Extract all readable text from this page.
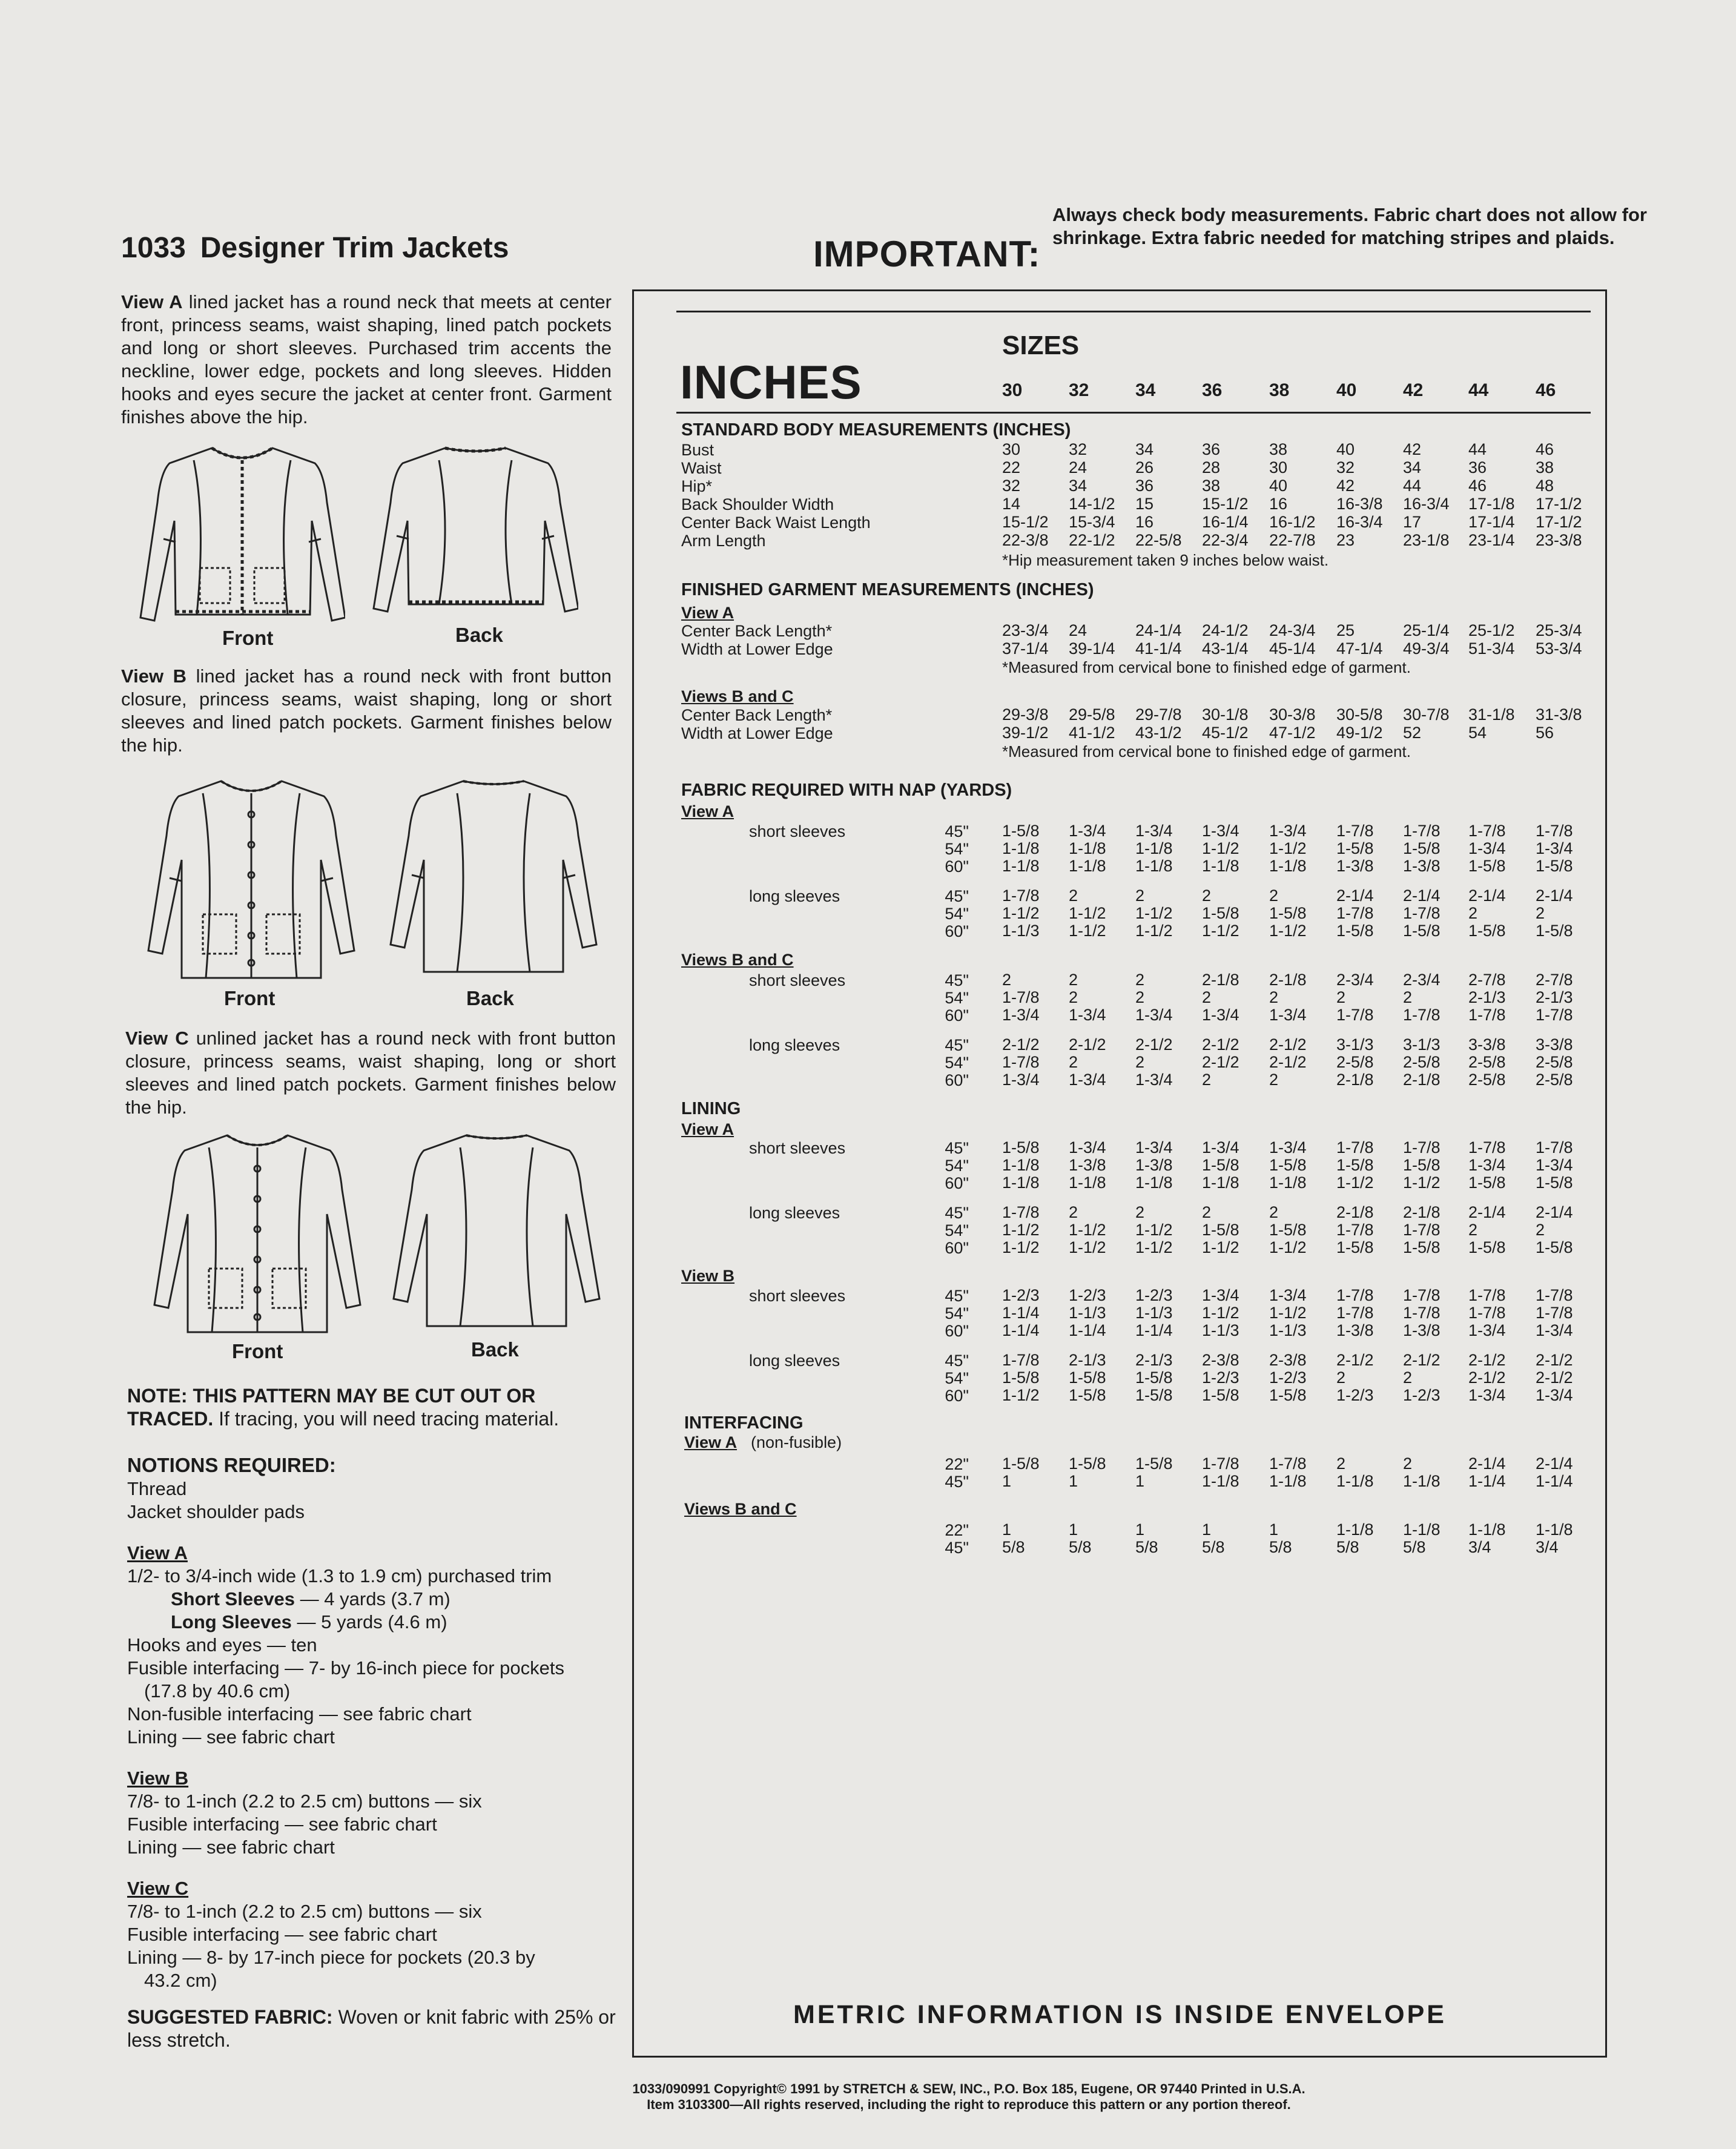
1033 Designer Trim Jackets	IMPORTANT:
Always check body measurements. Fabric chart does not allow for shrinkage. Extra fabric needed for matching stripes and plaids.
View A lined jacket has a round neck that meets at center front, princess seams, waist shaping, lined patch pockets and long or short sleeves. Purchased trim accents the neckline, lower edge, pockets and long sleeves. Hidden hooks and eyes secure the jacket at center front. Garment finishes above the hip.
Front	Back
View B lined jacket has a round neck with front button closure, princess seams, waist shaping, long or short sleeves and lined patch pockets. Garment finishes below the hip.
Front	Back
View C unlined jacket has a round neck with front button closure, princess seams, waist shaping, long or short sleeves and lined patch pockets. Garment finishes below the hip.
Front	Back
NOTE: THIS PATTERN MAY BE CUT OUT OR TRACED. If tracing, you will need tracing material.
NOTIONS REQUIRED:
Thread
Jacket shoulder pads
View A
1/2- to 3/4-inch wide (1.3 to 1.9 cm) purchased trim
Short Sleeves — 4 yards (3.7 m)
Long Sleeves — 5 yards (4.6 m)
Hooks and eyes — ten
Fusible interfacing — 7- by 16-inch piece for pockets
(17.8 by 40.6 cm)
Non-fusible interfacing — see fabric chart
Lining — see fabric chart
View B
7/8- to 1-inch (2.2 to 2.5 cm) buttons — six
Fusible interfacing — see fabric chart
Lining — see fabric chart
View C
7/8- to 1-inch (2.2 to 2.5 cm) buttons — six
Fusible interfacing — see fabric chart
Lining — 8- by 17-inch piece for pockets (20.3 by
43.2 cm)
SUGGESTED FABRIC: Woven or knit fabric with 25% or less stretch.
INCHES
SIZES
30	32	34	36	38	40	42	44	46
STANDARD BODY MEASUREMENTS (INCHES)
Bust	30	32	34	36	38	40	42	44	46
Waist	22	24	26	28	30	32	34	36	38
Hip*	32	34	36	38	40	42	44	46	48
Back Shoulder Width	14	14-1/2 15	15-1/2 16	16-3/8 16-3/4 17-1/8 17-1/2
Center Back Waist Length	15-1/2 15-3/4 16	16-1/4 16-1/2 16-3/4 17	17-1/4 17-1/2
Arm Length	22-3/8 22-1/2 22-5/8 22-3/4 22-7/8 23	23-1/8 23-1/4 23-3/8
*Hip measurement taken 9 inches below waist.
FINISHED GARMENT MEASUREMENTS (INCHES)
View A
Center Back Length*	23-3/4 24	24-1/4 24-1/2 24-3/4 25	25-1/4 25-1/2 25-3/4
Width at Lower Edge	37-1/4 39-1/4 41-1/4 43-1/4 45-1/4 47-1/4 49-3/4 51-3/4 53-3/4
*Measured from cervical bone to finished edge of garment.
Views B and C
Center Back Length*	29-3/8 29-5/8 29-7/8 30-1/8 30-3/8 30-5/8 30-7/8 31-1/8 31-3/8
Width at Lower Edge	39-1/2 41-1/2 43-1/2 45-1/2 47-1/2 49-1/2 52	54	56
*Measured from cervical bone to finished edge of garment.
FABRIC REQUIRED WITH NAP (YARDS)
View A
short sleeves	45" 1-5/8 1-3/4 1-3/4 1-3/4 1-3/4 1-7/8 1-7/8 1-7/8 1-7/8
54" 1-1/8 1-1/8 1-1/8 1-1/2 1-1/2 1-5/8 1-5/8 1-3/4 1-3/4
60" 1-1/8 1-1/8 1-1/8 1-1/8 1-1/8 1-3/8 1-3/8 1-5/8 1-5/8
long sleeves	45" 1-7/8 2	2	2	2	2-1/4 2-1/4 2-1/4 2-1/4
54" 1-1/2 1-1/2 1-1/2 1-5/8 1-5/8 1-7/8 1-7/8 2	2
60" 1-1/3 1-1/2 1-1/2 1-1/2 1-1/2 1-5/8 1-5/8 1-5/8 1-5/8
Views B and C
short sleeves	45" 2	2	2	2-1/8 2-1/8 2-3/4 2-3/4 2-7/8 2-7/8
54" 1-7/8 2	2	2	2	2	2	2-1/3 2-1/3
60" 1-3/4 1-3/4 1-3/4 1-3/4 1-3/4 1-7/8 1-7/8 1-7/8 1-7/8
long sleeves	45" 2-1/2 2-1/2 2-1/2 2-1/2 2-1/2 3-1/3 3-1/3 3-3/8 3-3/8
54" 1-7/8 2	2	2-1/2 2-1/2 2-5/8 2-5/8 2-5/8 2-5/8
60" 1-3/4 1-3/4 1-3/4 2	2	2-1/8 2-1/8 2-5/8 2-5/8
LINING
View A
short sleeves	45" 1-5/8 1-3/4 1-3/4 1-3/4 1-3/4 1-7/8 1-7/8 1-7/8 1-7/8
54" 1-1/8 1-3/8 1-3/8 1-5/8 1-5/8 1-5/8 1-5/8 1-3/4 1-3/4
60" 1-1/8 1-1/8 1-1/8 1-1/8 1-1/8 1-1/2 1-1/2 1-5/8 1-5/8
long sleeves	45" 1-7/8 2	2	2	2	2-1/8 2-1/8 2-1/4 2-1/4
54" 1-1/2 1-1/2 1-1/2 1-5/8 1-5/8 1-7/8 1-7/8 2	2
60" 1-1/2 1-1/2 1-1/2 1-1/2 1-1/2 1-5/8 1-5/8 1-5/8 1-5/8
View B
short sleeves	45" 1-2/3 1-2/3 1-2/3 1-3/4 1-3/4 1-7/8 1-7/8 1-7/8 1-7/8
54" 1-1/4 1-1/3 1-1/3 1-1/2 1-1/2 1-7/8 1-7/8 1-7/8 1-7/8
60" 1-1/4 1-1/4 1-1/4 1-1/3 1-1/3 1-3/8 1-3/8 1-3/4 1-3/4
long sleeves	45" 1-7/8 2-1/3 2-1/3 2-3/8 2-3/8 2-1/2 2-1/2 2-1/2 2-1/2
54" 1-5/8 1-5/8 1-5/8 1-2/3 1-2/3 2	2	2-1/2 2-1/2
60" 1-1/2 1-5/8 1-5/8 1-5/8 1-5/8 1-2/3 1-2/3 1-3/4 1-3/4
INTERFACING
View A (non-fusible)
22" 1-5/8 1-5/8 1-5/8 1-7/8 1-7/8 2	2	2-1/4 2-1/4
45" 1	1	1	1-1/8 1-1/8 1-1/8 1-1/8 1-1/4 1-1/4
Views B and C
22" 1	1	1	1	1	1-1/8 1-1/8 1-1/8 1-1/8
45" 5/8	5/8	5/8	5/8	5/8	5/8	5/8	3/4	3/4
METRIC INFORMATION IS INSIDE ENVELOPE
1033/090991 Copyright© 1991 by STRETCH & SEW, INC., P.O. Box 185, Eugene, OR 97440 Printed in U.S.A.
Item 3103300—All rights reserved, including the right to reproduce this pattern or any portion thereof.
